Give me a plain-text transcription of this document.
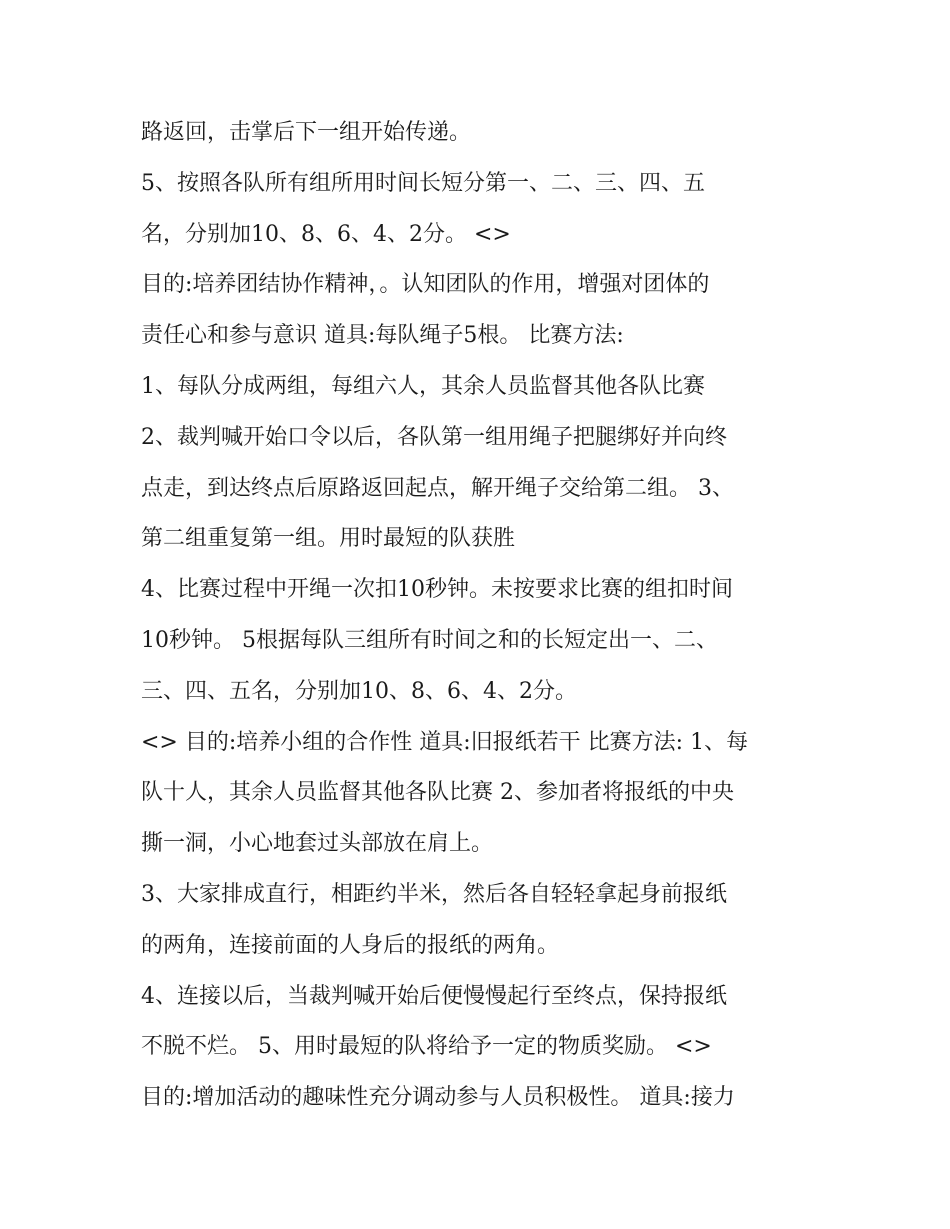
路返回，击掌后下一组开始传递。
5、按照各队所有组所用时间长短分第一、二、三、四、五
名，分别加10、8、6、4、2分。 <>
目的:培养团结协作精神，。认知团队的作用，增强对团体的
责任心和参与意识 道具:每队绳子5根。 比赛方法:
1、每队分成两组，每组六人，其余人员监督其他各队比赛
2、裁判喊开始口令以后，各队第一组用绳子把腿绑好并向终
点走，到达终点后原路返回起点，解开绳子交给第二组。 3、
第二组重复第一组。用时最短的队获胜
4、比赛过程中开绳一次扣10秒钟。未按要求比赛的组扣时间
10秒钟。 5根据每队三组所有时间之和的长短定出一、二、
三、四、五名，分别加10、8、6、4、2分。
<> 目的:培养小组的合作性 道具:旧报纸若干 比赛方法: 1、每
队十人，其余人员监督其他各队比赛 2、参加者将报纸的中央
撕一洞，小心地套过头部放在肩上。
3、大家排成直行，相距约半米，然后各自轻轻拿起身前报纸
的两角，连接前面的人身后的报纸的两角。
4、连接以后，当裁判喊开始后便慢慢起行至终点，保持报纸
不脱不烂。 5、用时最短的队将给予一定的物质奖励。 <>
目的:增加活动的趣味性充分调动参与人员积极性。 道具:接力
